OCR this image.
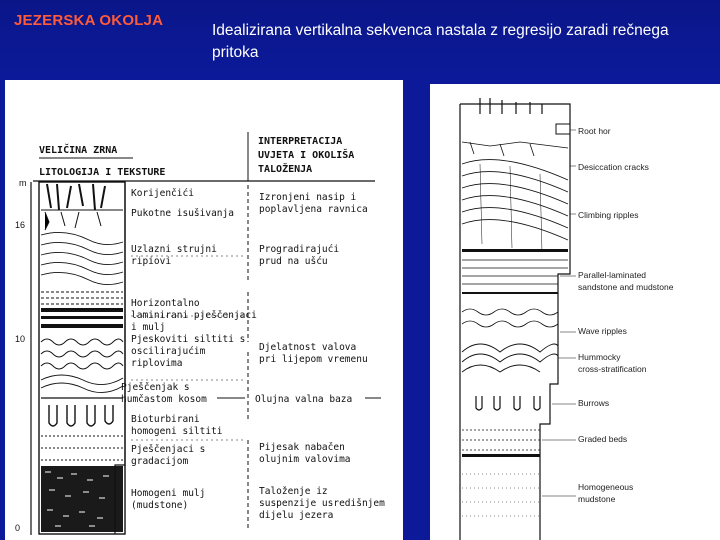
JEZERSKA OKOLJA
Idealizirana vertikalna sekvenca nastala z regresijo zaradi rečnega pritoka
VELIČINA ZRNA
LITOLOGIJA I TEKSTURE
INTERPRETACIJA
UVJETA I OKOLIŠA
TALOŽENJA
m
16
10
0
Korijenčići
Pukotne isušivanja
Uzlazni strujni
ripiovi
Horizontalno
laminirani pješčenjaci
i mulj
Pjeskoviti siltiti s
oscilirajućim
riplovima
Pješčenjak s
humčastom kosom
Bioturbirani
homogeni siltiti
Pješčenjaci s
gradacijom
Homogeni mulj
(mudstone)
Izronjeni nasip i
poplavljena ravnica
Progradirajući
prud na ušću
Djelatnost valova
pri lijepom vremenu
Olujna valna baza
Pijesak nabačen
olujnim valovima
Taloženje iz
suspenzije usredišnjem
dijelu jezera
Root hor
Desiccation cracks
Climbing ripples
Parallel-laminated
sandstone and mudstone
Wave ripples
Hummocky
cross-stratification
Burrows
Graded beds
Homogeneous
mudstone
